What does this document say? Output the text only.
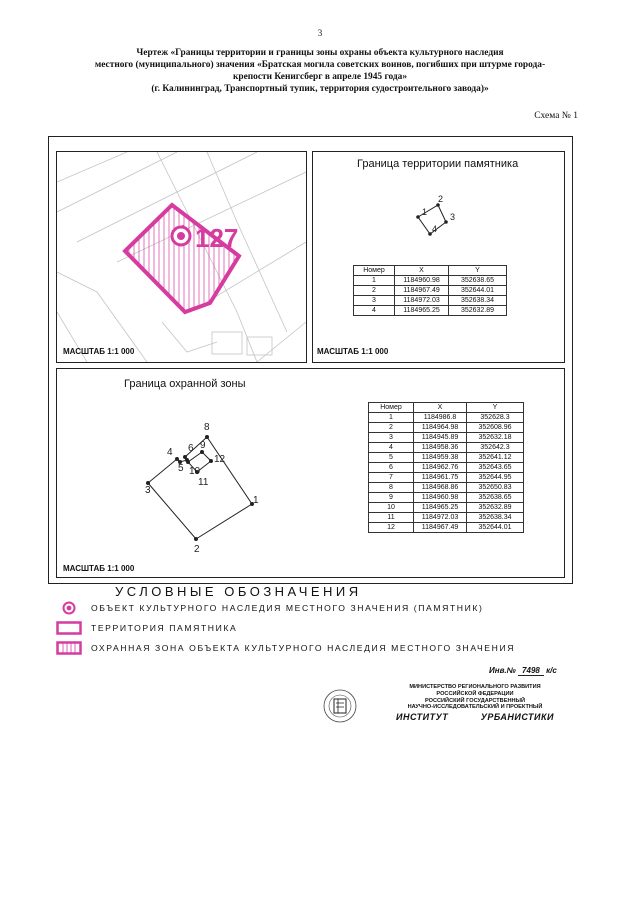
3
Чертеж «Границы территории и границы зоны охраны объекта культурного наследия
местного (муниципального) значения «Братская могила советских воинов, погибших при штурме города-
крепости Кенигсберг в апреле 1945 года»
(г. Калининград, Транспортный тупик, территория судостроительного завода)»
Схема № 1
127
МАСШТАБ 1:1 000
Граница территории памятника
1
2
3
4
Номер	X	Y
1	1184960.98	352638.65
2	1184967.49	352644.01
3	1184972.03	352638.34
4	1184965.25	352632.89
МАСШТАБ 1:1 000
Граница охранной зоны
1
2
3
4
5
6
8
9
10
11
12
Номер	X	Y
1	1184986.8	352628.3
2	1184964.98	352608.96
3	1184945.89	352632.18
4	1184958.36	352642.3
5	1184959.38	352641.12
6	1184962.76	352643.65
7	1184961.75	352644.95
8	1184968.86	352650.83
9	1184960.98	352638.65
10	1184965.25	352632.89
11	1184972.03	352638.34
12	1184967.49	352644.01
МАСШТАБ 1:1 000
УСЛОВНЫЕ ОБОЗНАЧЕНИЯ
ОБЪЕКТ КУЛЬТУРНОГО НАСЛЕДИЯ МЕСТНОГО ЗНАЧЕНИЯ (ПАМЯТНИК)
ТЕРРИТОРИЯ ПАМЯТНИКА
ОХРАННАЯ ЗОНА ОБЪЕКТА КУЛЬТУРНОГО НАСЛЕДИЯ МЕСТНОГО ЗНАЧЕНИЯ
Инв.№ 7498 к/с
МИНИСТЕРСТВО РЕГИОНАЛЬНОГО РАЗВИТИЯ
РОССИЙСКОЙ ФЕДЕРАЦИИ
РОССИЙСКИЙ ГОСУДАРСТВЕННЫЙ
НАУЧНО-ИССЛЕДОВАТЕЛЬСКИЙ И ПРОЕКТНЫЙ
ИНСТИТУТ	УРБАНИСТИКИ
